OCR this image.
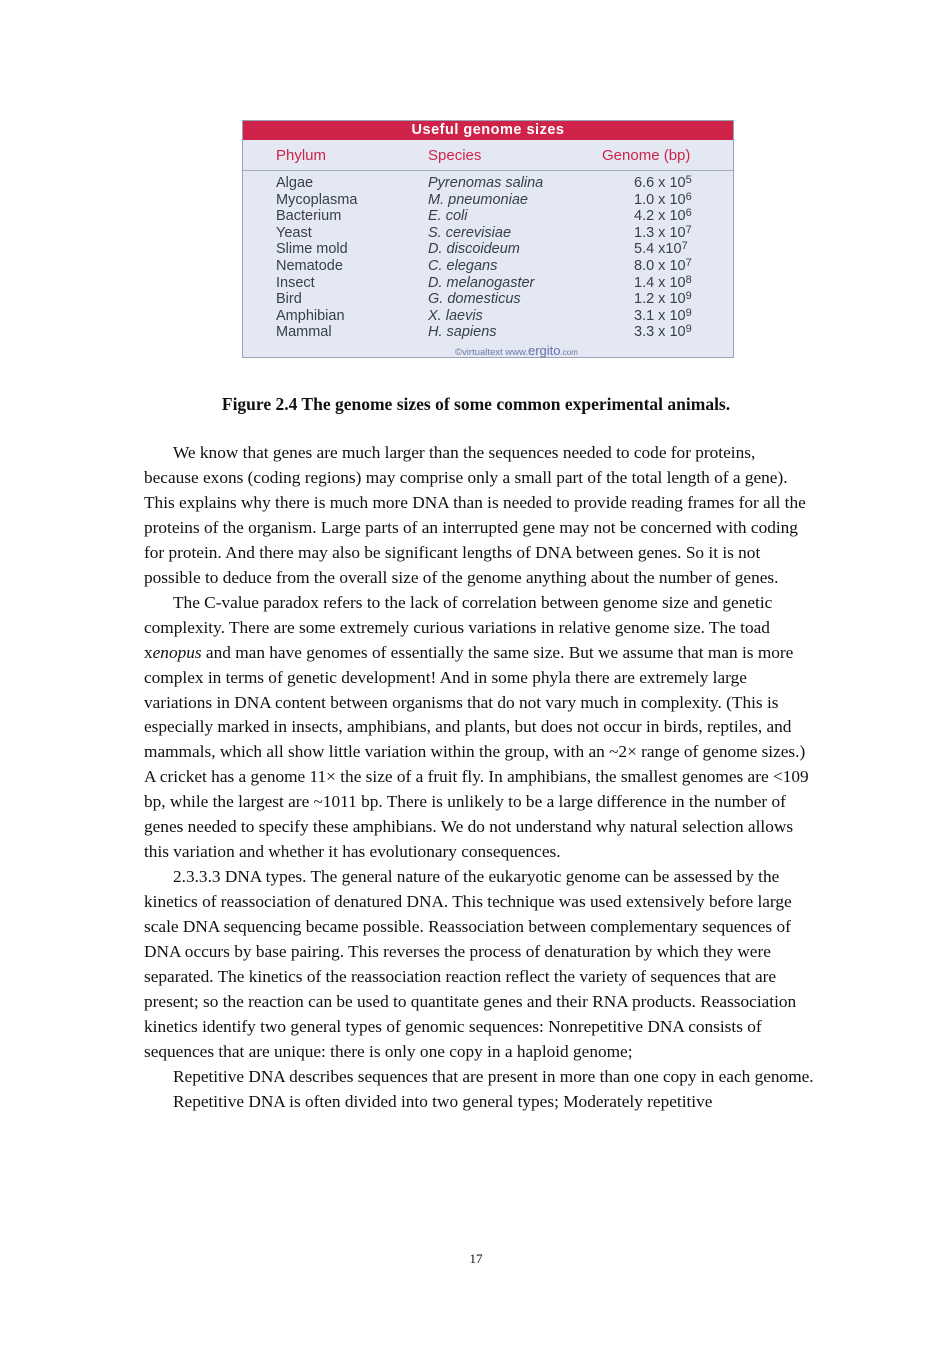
Useful genome sizes
Phylum	Species	Genome (bp)
Algae	Pyrenomas salina	6.6 x $10^5$
Mycoplasma	M. pneumoniae	1.0 x $10^6$
Bacterium	E. coli	4.2 x $10^6$
Yeast	S. cerevisiae	1.3 x $10^7$
Slime mold	D. discoideum	5.4 $x10^7$
Nematode	C. elegans	8.0 x $10^7$
Insect	D. melanogaster	1.4 x $10^8$
Bird	G. domesticus	1.2 x $10^9$
Amphibian	X. laevis	3.1 x $10^9$
Mammal	H. sapiens	3.3 x $10^9$
©virtualtext www.ergito.com
Figure 2.4 The genome sizes of some common experimental animals.

We know that genes are much larger than the sequences needed to code for proteins, because exons (coding regions) may comprise only a small part of the total length of a gene). This explains why there is much more DNA than is needed to provide reading frames for all the proteins of the organism. Large parts of an interrupted gene may not be concerned with coding for protein. And there may also be significant lengths of DNA between genes. So it is not possible to deduce from the overall size of the genome anything about the number of genes.

The C-value paradox refers to the lack of correlation between genome size and genetic complexity. There are some extremely curious variations in relative genome size. The toad xenopus and man have genomes of essentially the same size. But we assume that man is more complex in terms of genetic development! And in some phyla there are extremely large variations in DNA content between organisms that do not vary much in complexity. (This is especially marked in insects, amphibians, and plants, but does not occur in birds, reptiles, and mammals, which all show little variation within the group, with an ~2× range of genome sizes.) A cricket has a genome 11× the size of a fruit fly. In amphibians, the smallest genomes are <109 bp, while the largest are ~1011 bp. There is unlikely to be a large difference in the number of genes needed to specify these amphibians. We do not understand why natural selection allows this variation and whether it has evolutionary consequences.

2.3.3.3 DNA types. The general nature of the eukaryotic genome can be assessed by the kinetics of reassociation of denatured DNA. This technique was used extensively before large scale DNA sequencing became possible. Reassociation between complementary sequences of DNA occurs by base pairing. This reverses the process of denaturation by which they were separated. The kinetics of the reassociation reaction reflect the variety of sequences that are present; so the reaction can be used to quantitate genes and their RNA products. Reassociation kinetics identify two general types of genomic sequences: Nonrepetitive DNA consists of sequences that are unique: there is only one copy in a haploid genome;

Repetitive DNA describes sequences that are present in more than one copy in each genome.

Repetitive DNA is often divided into two general types; Moderately repetitive

17
